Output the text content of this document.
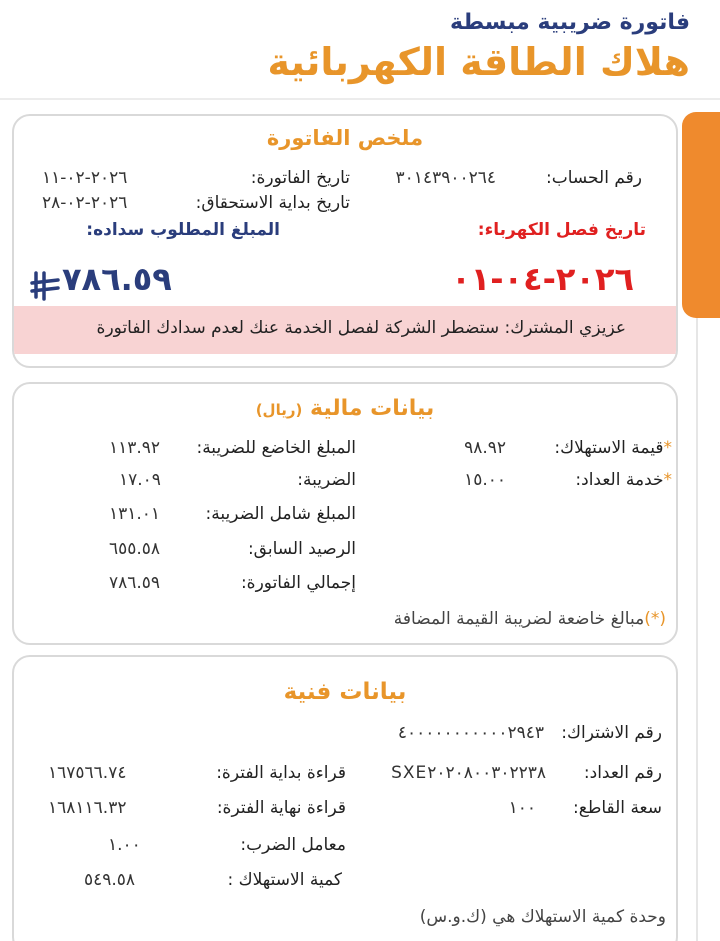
فاتورة ضريبية مبسطة
هلاك الطاقة الكهربائية
ملخص الفاتورة
رقم الحساب:
٣٠١٤٣٩٠٠٢٦٤
تاريخ الفاتورة:
٢٠٢٦-٠٢-١١
تاريخ بداية الاستحقاق:
٢٠٢٦-٠٢-٢٨
تاريخ فصل الكهرباء:
المبلغ المطلوب سداده:
٢٠٢٦-٠٤-٠١
٧٨٦.٥٩
عزيزي المشترك: ستضطر الشركة لفصل الخدمة عنك لعدم سدادك الفاتورة
بيانات مالية (ريال)
*قيمة الاستهلاك:
٩٨.٩٢
المبلغ الخاضع للضريبة:
١١٣.٩٢
*خدمة العداد:
١٥.٠٠
الضريبة:
١٧.٠٩
المبلغ شامل الضريبة:
١٣١.٠١
الرصيد السابق:
٦٥٥.٥٨
إجمالي الفاتورة:
٧٨٦.٥٩
(*)مبالغ خاضعة لضريبة القيمة المضافة
بيانات فنية
رقم الاشتراك:
٤٠٠٠٠٠٠٠٠٠٠٠٢٩٤٣
رقم العداد:
SXE٢٠٢٠٨٠٠٣٠٢٢٣٨
قراءة بداية الفترة:
١٦٧٥٦٦.٧٤
سعة القاطع:
١٠٠
قراءة نهاية الفترة:
١٦٨١١٦.٣٢
معامل الضرب:
١.٠٠
كمية الاستهلاك :
٥٤٩.٥٨
وحدة كمية الاستهلاك هي (ك.و.س)
